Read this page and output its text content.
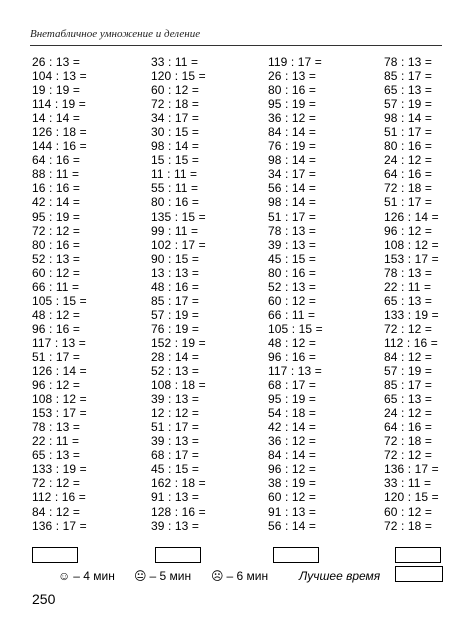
Внетабличное умножение и деление
26 : 13 =
104 : 13 =
19 : 19 =
114 : 19 =
14 : 14 =
126 : 18 =
144 : 16 =
64 : 16 =
88 : 11 =
16 : 16 =
42 : 14 =
95 : 19 =
72 : 12 =
80 : 16 =
52 : 13 =
60 : 12 =
66 : 11 =
105 : 15 =
48 : 12 =
96 : 16 =
117 : 13 =
51 : 17 =
126 : 14 =
96 : 12 =
108 : 12 =
153 : 17 =
78 : 13 =
22 : 11 =
65 : 13 =
133 : 19 =
72 : 12 =
112 : 16 =
84 : 12 =
136 : 17 =
33 : 11 =
120 : 15 =
60 : 12 =
72 : 18 =
34 : 17 =
30 : 15 =
98 : 14 =
15 : 15 =
11 : 11 =
55 : 11 =
80 : 16 =
135 : 15 =
99 : 11 =
102 : 17 =
90 : 15 =
13 : 13 =
48 : 16 =
85 : 17 =
57 : 19 =
76 : 19 =
152 : 19 =
28 : 14 =
52 : 13 =
108 : 18 =
39 : 13 =
12 : 12 =
51 : 17 =
39 : 13 =
68 : 17 =
45 : 15 =
162 : 18 =
91 : 13 =
128 : 16 =
39 : 13 =
119 : 17 =
26 : 13 =
80 : 16 =
95 : 19 =
36 : 12 =
84 : 14 =
76 : 19 =
98 : 14 =
34 : 17 =
56 : 14 =
98 : 14 =
51 : 17 =
78 : 13 =
39 : 13 =
45 : 15 =
80 : 16 =
52 : 13 =
60 : 12 =
66 : 11 =
105 : 15 =
48 : 12 =
96 : 16 =
117 : 13 =
68 : 17 =
95 : 19 =
54 : 18 =
42 : 14 =
36 : 12 =
84 : 14 =
96 : 12 =
38 : 19 =
60 : 12 =
91 : 13 =
56 : 14 =
78 : 13 =
85 : 17 =
65 : 13 =
57 : 19 =
98 : 14 =
51 : 17 =
80 : 16 =
24 : 12 =
64 : 16 =
72 : 18 =
51 : 17 =
126 : 14 =
96 : 12 =
108 : 12 =
153 : 17 =
78 : 13 =
22 : 11 =
65 : 13 =
133 : 19 =
72 : 12 =
112 : 16 =
84 : 12 =
57 : 19 =
85 : 17 =
65 : 13 =
24 : 12 =
64 : 16 =
72 : 18 =
72 : 12 =
136 : 17 =
33 : 11 =
120 : 15 =
60 : 12 =
72 : 18 =
☺ – 4 мин 😐 – 5 мин ☹ – 6 мин	Лучшее время
250
